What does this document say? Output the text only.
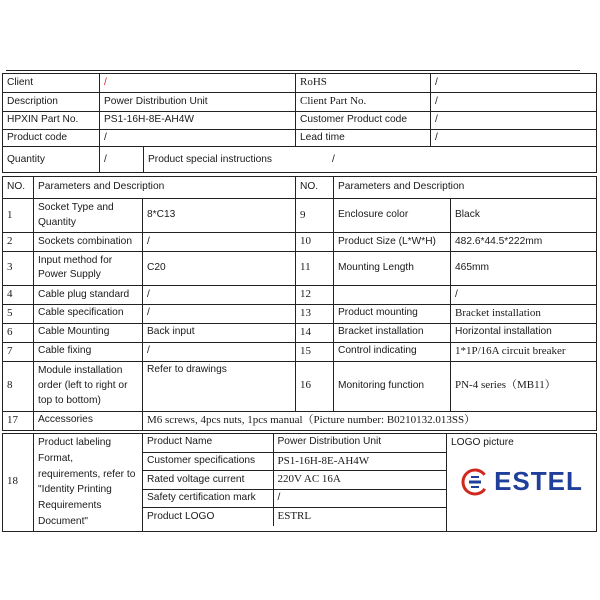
Client	/	RoHS	/
Description	Power Distribution Unit	Client Part No.	/
HPXIN Part No.	PS1-16H-8E-AH4W	Customer Product code	/
Product code	/	Lead time	/
Quantity	/ Product special instructions /		
NO.	Parameters and Description		NO.	Parameters and Description	
1	Socket Type and Quantity	8*C13	9	Enclosure color	Black
2	Sockets combination	/	10	Product Size (L*W*H)	482.6*44.5*222mm
3	Input method for Power Supply	C20	11	Mounting Length	465mm
4	Cable plug standard	/	12		/
5	Cable specification	/	13	Product mounting	Bracket installation
6	Cable Mounting	Back input	14	Bracket installation	Horizontal installation
7	Cable fixing	/	15	Control indicating	1*1P/16A circuit breaker
8	Module installation order (left to right or top to bottom)	Refer to drawings	16	Monitoring function	PN-4 series（MB11）
17	Accessories	M6 screws, 4pcs nuts, 1pcs manual（Picture number: B0210132.013SS）			
18	Product labeling Format, requirements, refer to "Identity Printing Requirements Document"	
Product Name	Power Distribution Unit
Customer specifications	PS1-16H-8E-AH4W
Rated voltage current	220V AC 16A
Safety certification mark	/
Product LOGO	ESTRL

LOGO picture
ESTEL
